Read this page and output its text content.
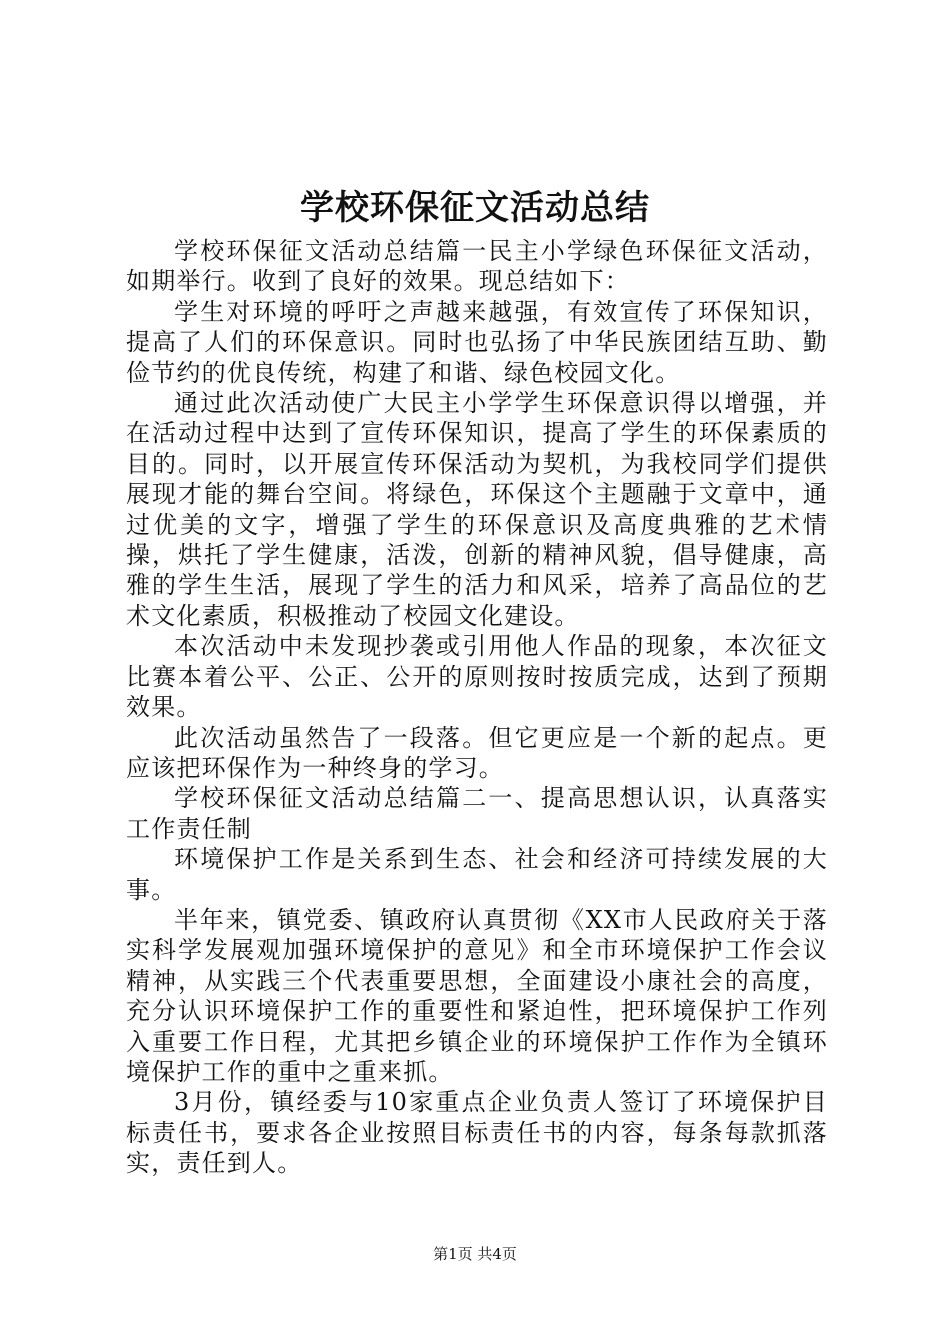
学校环保征文活动总结

学校环保征文活动总结篇一民主小学绿色环保征文活动，如期举行。收到了良好的效果。现总结如下：

学生对环境的呼吁之声越来越强，有效宣传了环保知识，提高了人们的环保意识。同时也弘扬了中华民族团结互助、勤俭节约的优良传统，构建了和谐、绿色校园文化。

通过此次活动使广大民主小学学生环保意识得以增强，并在活动过程中达到了宣传环保知识，提高了学生的环保素质的目的。同时，以开展宣传环保活动为契机，为我校同学们提供展现才能的舞台空间。将绿色，环保这个主题融于文章中，通过优美的文字，增强了学生的环保意识及高度典雅的艺术情操，烘托了学生健康，活泼，创新的精神风貌，倡导健康，高雅的学生生活，展现了学生的活力和风采，培养了高品位的艺术文化素质，积极推动了校园文化建设。

本次活动中未发现抄袭或引用他人作品的现象，本次征文比赛本着公平、公正、公开的原则按时按质完成，达到了预期效果。

此次活动虽然告了一段落。但它更应是一个新的起点。更应该把环保作为一种终身的学习。

学校环保征文活动总结篇二一、提高思想认识，认真落实工作责任制

环境保护工作是关系到生态、社会和经济可持续发展的大事。

半年来，镇党委、镇政府认真贯彻《XX市人民政府关于落实科学发展观加强环境保护的意见》和全市环境保护工作会议精神，从实践三个代表重要思想，全面建设小康社会的高度，充分认识环境保护工作的重要性和紧迫性，把环境保护工作列入重要工作日程，尤其把乡镇企业的环境保护工作作为全镇环境保护工作的重中之重来抓。

3月份，镇经委与10家重点企业负责人签订了环境保护目标责任书，要求各企业按照目标责任书的内容，每条每款抓落实，责任到人。

第1页 共4页
